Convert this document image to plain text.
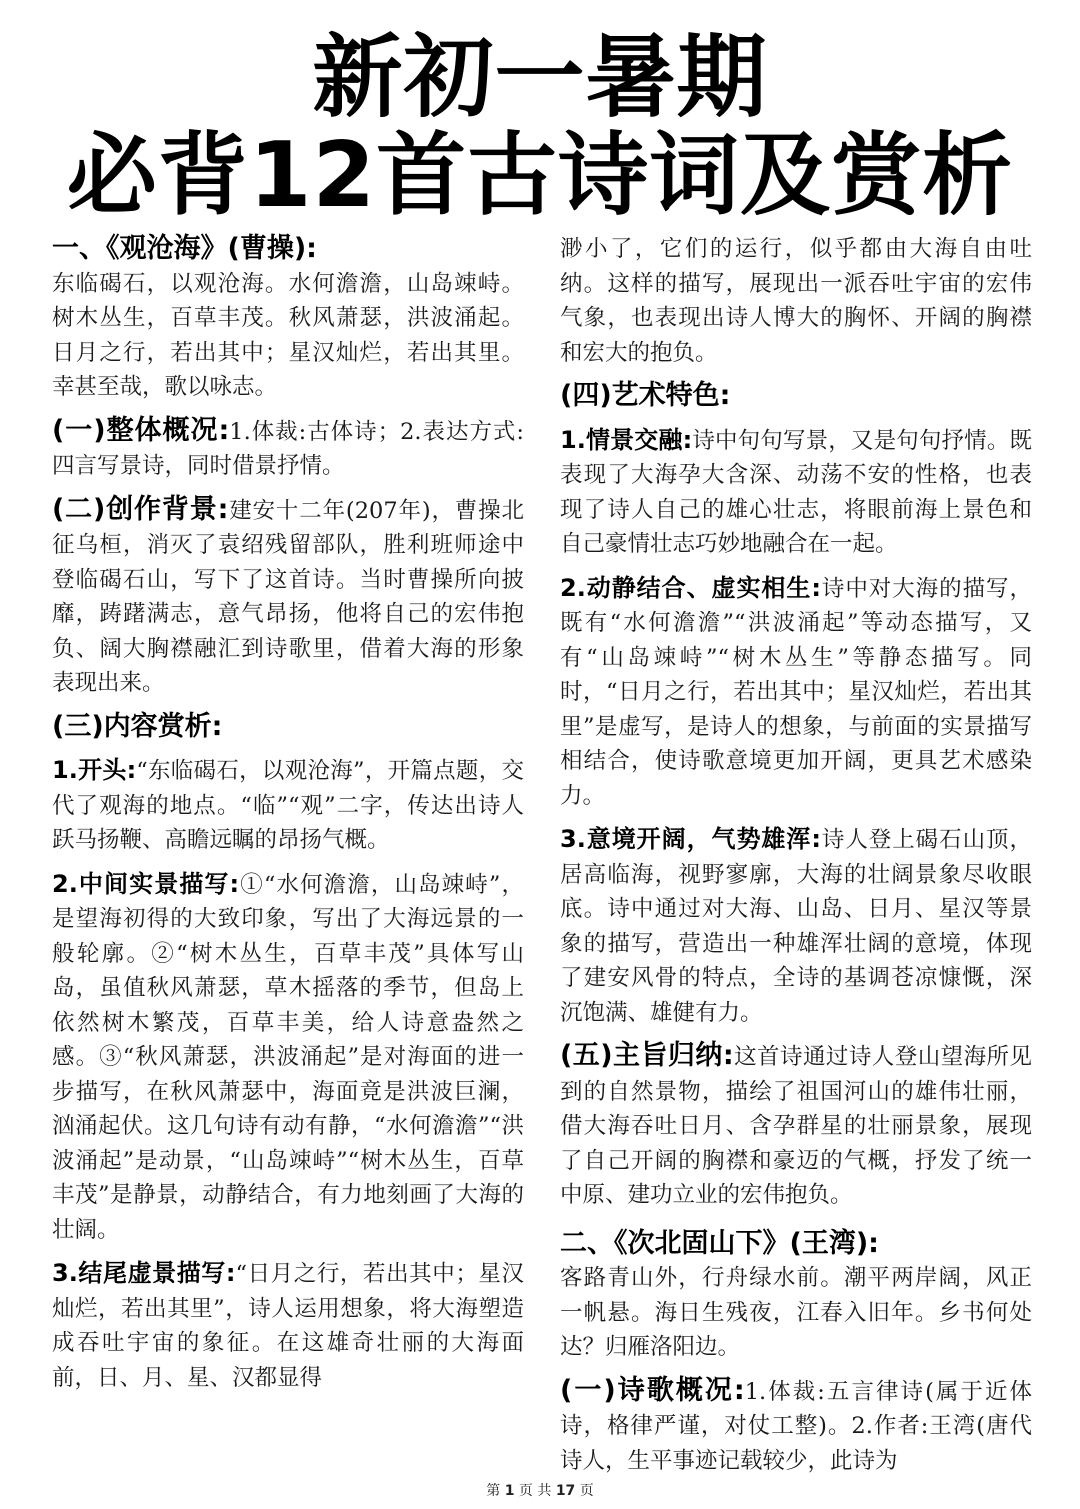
新初一暑期
必背12首古诗词及赏析

一、《观沧海》(曹操):

东临碣石，以观沧海。水何澹澹，山岛竦峙。树木丛生，百草丰茂。秋风萧瑟，洪波涌起。日月之行，若出其中；星汉灿烂，若出其里。幸甚至哉，歌以咏志。

(一)整体概况:1.体裁:古体诗；2.表达方式:四言写景诗，同时借景抒情。

(二)创作背景:建安十二年(207年)，曹操北征乌桓，消灭了袁绍残留部队，胜利班师途中登临碣石山，写下了这首诗。当时曹操所向披靡，踌躇满志，意气昂扬，他将自己的宏伟抱负、阔大胸襟融汇到诗歌里，借着大海的形象表现出来。

(三)内容赏析:

1.开头:“东临碣石，以观沧海”，开篇点题，交代了观海的地点。“临”“观”二字，传达出诗人跃马扬鞭、高瞻远瞩的昂扬气概。

2.中间实景描写:①“水何澹澹，山岛竦峙”，是望海初得的大致印象，写出了大海远景的一般轮廓。②“树木丛生，百草丰茂”具体写山岛，虽值秋风萧瑟，草木摇落的季节，但岛上依然树木繁茂，百草丰美，给人诗意盎然之感。③“秋风萧瑟，洪波涌起”是对海面的进一步描写，在秋风萧瑟中，海面竟是洪波巨澜，汹涌起伏。这几句诗有动有静，“水何澹澹”“洪波涌起”是动景，“山岛竦峙”“树木丛生，百草丰茂”是静景，动静结合，有力地刻画了大海的壮阔。

3.结尾虚景描写:“日月之行，若出其中；星汉灿烂，若出其里”，诗人运用想象，将大海塑造成吞吐宇宙的象征。在这雄奇壮丽的大海面前，日、月、星、汉都显得

渺小了，它们的运行，似乎都由大海自由吐纳。这样的描写，展现出一派吞吐宇宙的宏伟气象，也表现出诗人博大的胸怀、开阔的胸襟和宏大的抱负。

(四)艺术特色:

1.情景交融:诗中句句写景，又是句句抒情。既表现了大海孕大含深、动荡不安的性格，也表现了诗人自己的雄心壮志，将眼前海上景色和自己豪情壮志巧妙地融合在一起。

2.动静结合、虚实相生:诗中对大海的描写，既有“水何澹澹”“洪波涌起”等动态描写，又有“山岛竦峙”“树木丛生”等静态描写。同时，“日月之行，若出其中；星汉灿烂，若出其里”是虚写，是诗人的想象，与前面的实景描写相结合，使诗歌意境更加开阔，更具艺术感染力。

3.意境开阔，气势雄浑:诗人登上碣石山顶，居高临海，视野寥廓，大海的壮阔景象尽收眼底。诗中通过对大海、山岛、日月、星汉等景象的描写，营造出一种雄浑壮阔的意境，体现了建安风骨的特点，全诗的基调苍凉慷慨，深沉饱满、雄健有力。

(五)主旨归纳:这首诗通过诗人登山望海所见到的自然景物，描绘了祖国河山的雄伟壮丽，借大海吞吐日月、含孕群星的壮丽景象，展现了自己开阔的胸襟和豪迈的气概，抒发了统一中原、建功立业的宏伟抱负。

二、《次北固山下》(王湾):

客路青山外，行舟绿水前。潮平两岸阔，风正一帆悬。海日生残夜，江春入旧年。乡书何处达？归雁洛阳边。

(一)诗歌概况:1.体裁:五言律诗(属于近体诗，格律严谨，对仗工整)。2.作者:王湾(唐代诗人，生平事迹记载较少，此诗为

第 1 页 共 17 页
